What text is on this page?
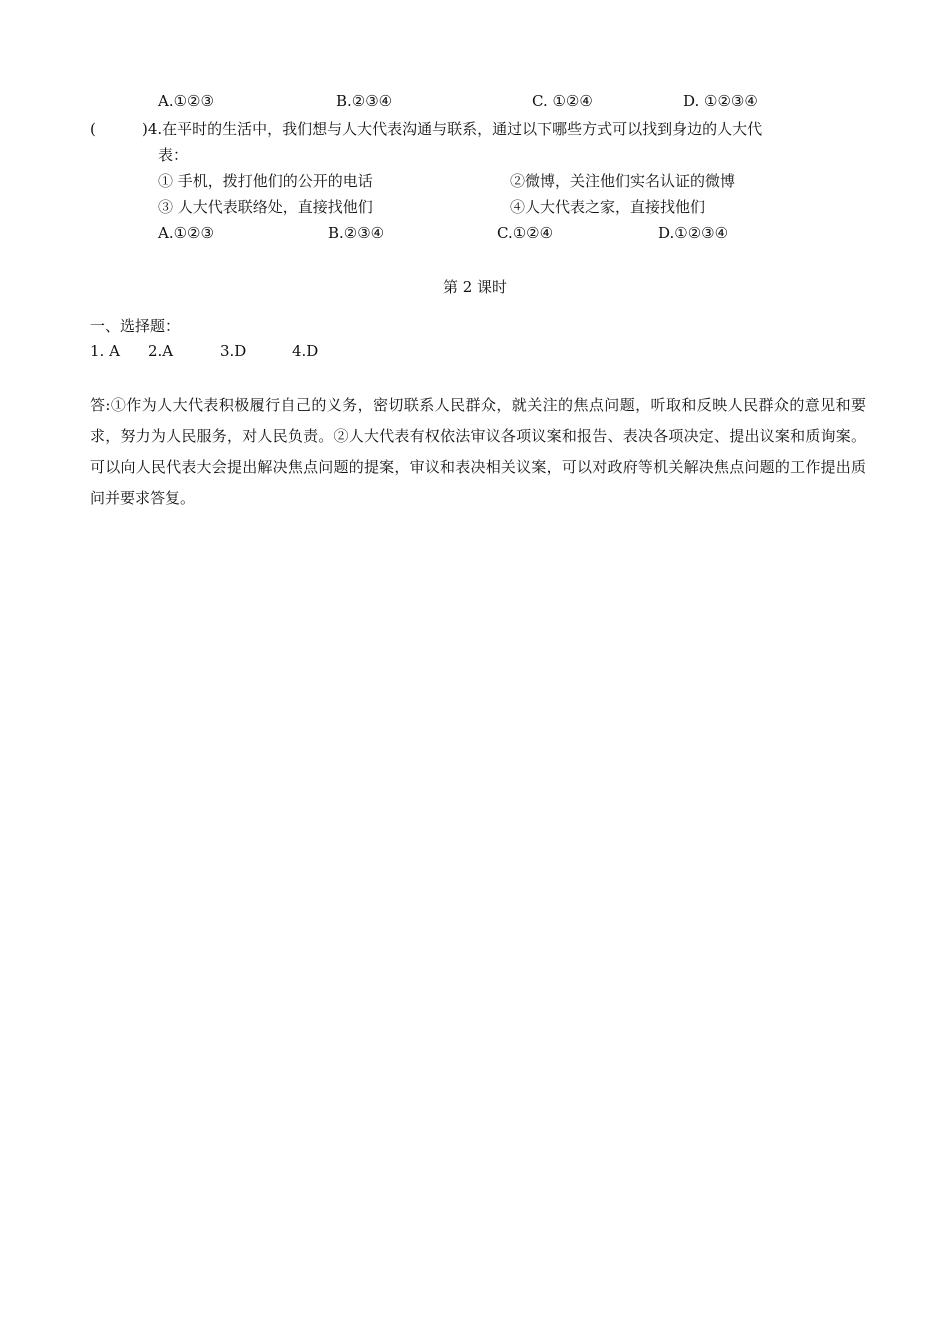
A.①②③	B.②③④	C. ①②④	D. ①②③④
(	)4.在平时的生活中，我们想与人大代表沟通与联系，通过以下哪些方式可以找到身边的人大代
表：
① 手机，拨打他们的公开的电话	②微博，关注他们实名认证的微博
③ 人大代表联络处，直接找他们	④人大代表之家，直接找他们
A.①②③	B.②③④	C.①②④	D.①②③④
第 2 课时
一、选择题：
1. A 2.A	3.D	4.D
答:①作为人大代表积极履行自己的义务，密切联系人民群众，就关注的焦点问题，听取和反映人民群众的意见和要求，努力为人民服务，对人民负责。②人大代表有权依法审议各项议案和报告、表决各项决定、提出议案和质询案。可以向人民代表大会提出解决焦点问题的提案，审议和表决相关议案，可以对政府等机关解决焦点问题的工作提出质问并要求答复。
